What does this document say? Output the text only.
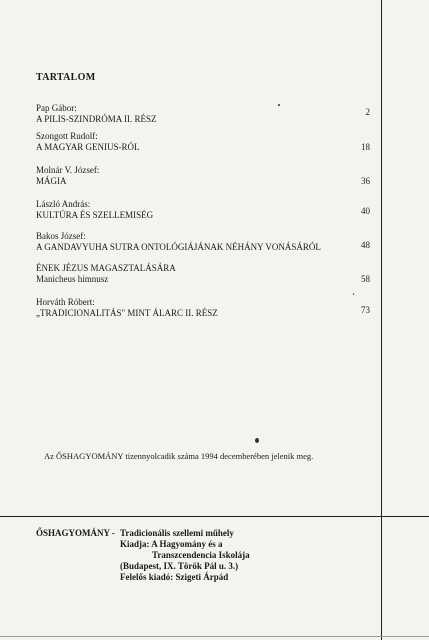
TARTALOM
Pap Gábor:
A PILIS-SZINDRÓMA II. RÉSZ
2
Szongott Rudolf:
A MAGYAR GENIUS-RÓL	18
Molnár V. József:
MÁGIA	36
László András:
KULTÚRA ÉS SZELLEMISÉG	40
Bakos József:
A GANDAVYUHA SUTRA ONTOLÓGIÁJÁNAK NÉHÁNY VONÁSÁRÓL	48
ÉNEK JÉZUS MAGASZTALÁSÁRA
Manicheus himnusz	58
Horváth Róbert:
„TRADICIONALITÁS" MINT ÁLARC II. RÉSZ	73
Az ŐSHAGYOMÁNY tizennyolcadik száma 1994 decemberében jelenik meg.
ŐSHAGYOMÁNY - Tradicionális szellemi műhely
Kiadja: A Hagyomány és a
Transzcendencia Iskolája
(Budapest, IX. Török Pál u. 3.)
Felelős kiadó: Szigeti Árpád
